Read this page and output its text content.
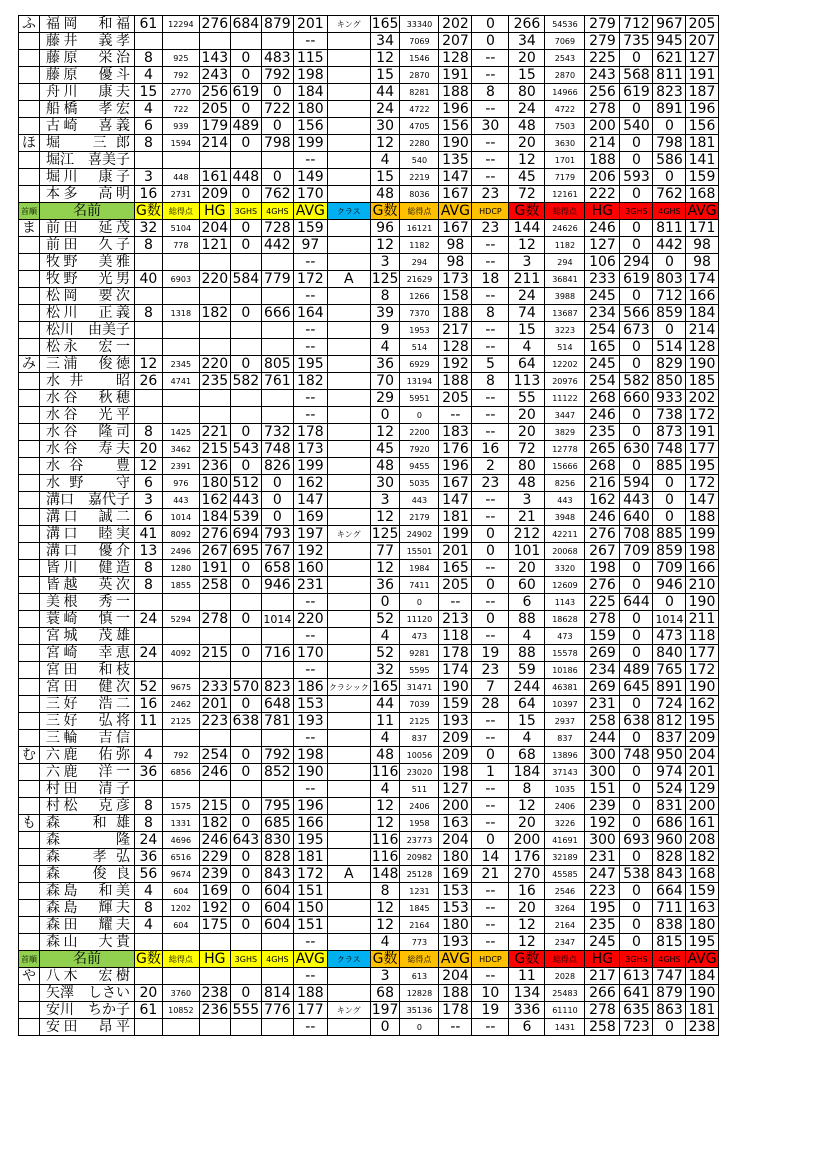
ふ	福岡　和福	61	12294	276	684	879	201	キング	165	33340	202	0	266	54536	279	712	967	205
	藤井　義孝						--		34	7069	207	0	34	7069	279	735	945	207
	藤原　栄治	8	925	143	0	483	115		12	1546	128	--	20	2543	225	0	621	127
	藤原　優斗	4	792	243	0	792	198		15	2870	191	--	15	2870	243	568	811	191
	舟川　康夫	15	2770	256	619	0	184		44	8281	188	8	80	14966	256	619	823	187
	船橋　孝宏	4	722	205	0	722	180		24	4722	196	--	24	4722	278	0	891	196
	古崎　喜義	6	939	179	489	0	156		30	4705	156	30	48	7503	200	540	0	156
ほ	堀　三郎	8	1594	214	0	798	199		12	2280	190	--	20	3630	214	0	798	181
	堀江　喜美子						--		4	540	135	--	12	1701	188	0	586	141
	堀川　康子	3	448	161	448	0	149		15	2219	147	--	45	7179	206	593	0	159
	本多　高明	16	2731	209	0	762	170		48	8036	167	23	72	12161	222	0	762	168
首順	名前	G数	総得点	HG	3GHS	4GHS	AVG	クラス	G数	総得点	AVG	HDCP	G数	総得点	HG	3GHS	4GHS	AVG
ま	前田　延茂	32	5104	204	0	728	159		96	16121	167	23	144	24626	246	0	811	171
	前田　久子	8	778	121	0	442	97		12	1182	98	--	12	1182	127	0	442	98
	牧野　美雅						--		3	294	98	--	3	294	106	294	0	98
	牧野　光男	40	6903	220	584	779	172	A	125	21629	173	18	211	36841	233	619	803	174
	松岡　要次						--		8	1266	158	--	24	3988	245	0	712	166
	松川　正義	8	1318	182	0	666	164		39	7370	188	8	74	13687	234	566	859	184
	松川　由美子						--		9	1953	217	--	15	3223	254	673	0	214
	松永　宏一						--		4	514	128	--	4	514	165	0	514	128
み	三浦　俊徳	12	2345	220	0	805	195		36	6929	192	5	64	12202	245	0	829	190
	水井　昭	26	4741	235	582	761	182		70	13194	188	8	113	20976	254	582	850	185
	水谷　秋穂						--		29	5951	205	--	55	11122	268	660	933	202
	水谷　光平						--		0	0	--	--	20	3447	246	0	738	172
	水谷　隆司	8	1425	221	0	732	178		12	2200	183	--	20	3829	235	0	873	191
	水谷　寿夫	20	3462	215	543	748	173		45	7920	176	16	72	12778	265	630	748	177
	水谷　豊	12	2391	236	0	826	199		48	9455	196	2	80	15666	268	0	885	195
	水野　守	6	976	180	512	0	162		30	5035	167	23	48	8256	216	594	0	172
	溝口　嘉代子	3	443	162	443	0	147		3	443	147	--	3	443	162	443	0	147
	溝口　誠二	6	1014	184	539	0	169		12	2179	181	--	21	3948	246	640	0	188
	溝口　睦実	41	8092	276	694	793	197	キング	125	24902	199	0	212	42211	276	708	885	199
	溝口　優介	13	2496	267	695	767	192		77	15501	201	0	101	20068	267	709	859	198
	皆川　健造	8	1280	191	0	658	160		12	1984	165	--	20	3320	198	0	709	166
	皆越　英次	8	1855	258	0	946	231		36	7411	205	0	60	12609	276	0	946	210
	美根　秀一						--		0	0	--	--	6	1143	225	644	0	190
	蓑崎　慎一	24	5294	278	0	1014	220		52	11120	213	0	88	18628	278	0	1014	211
	宮城　茂雄						--		4	473	118	--	4	473	159	0	473	118
	宮崎　幸恵	24	4092	215	0	716	170		52	9281	178	19	88	15578	269	0	840	177
	宮田　和枝						--		32	5595	174	23	59	10186	234	489	765	172
	宮田　健次	52	9675	233	570	823	186	クラシック	165	31471	190	7	244	46381	269	645	891	190
	三好　浩二	16	2462	201	0	648	153		44	7039	159	28	64	10397	231	0	724	162
	三好　弘将	11	2125	223	638	781	193		11	2125	193	--	15	2937	258	638	812	195
	三輪　吉信						--		4	837	209	--	4	837	244	0	837	209
む	六鹿　佑弥	4	792	254	0	792	198		48	10056	209	0	68	13896	300	748	950	204
	六鹿　洋一	36	6856	246	0	852	190		116	23020	198	1	184	37143	300	0	974	201
	村田　清子						--		4	511	127	--	8	1035	151	0	524	129
	村松　克彦	8	1575	215	0	795	196		12	2406	200	--	12	2406	239	0	831	200
も	森　和雄	8	1331	182	0	685	166		12	1958	163	--	20	3226	192	0	686	161
	森　隆	24	4696	246	643	830	195		116	23773	204	0	200	41691	300	693	960	208
	森　孝弘	36	6516	229	0	828	181		116	20982	180	14	176	32189	231	0	828	182
	森　俊良	56	9674	239	0	843	172	A	148	25128	169	21	270	45585	247	538	843	168
	森島　和美	4	604	169	0	604	151		8	1231	153	--	16	2546	223	0	664	159
	森島　輝夫	8	1202	192	0	604	150		12	1845	153	--	20	3264	195	0	711	163
	森田　耀夫	4	604	175	0	604	151		12	2164	180	--	12	2164	235	0	838	180
	森山　大貴						--		4	773	193	--	12	2347	245	0	815	195
首順	名前	G数	総得点	HG	3GHS	4GHS	AVG	クラス	G数	総得点	AVG	HDCP	G数	総得点	HG	3GHS	4GHS	AVG
や	八木　宏樹						--		3	613	204	--	11	2028	217	613	747	184
	矢澤　しさい	20	3760	238	0	814	188		68	12828	188	10	134	25483	266	641	879	190
	安川　ちか子	61	10852	236	555	776	177	キング	197	35136	178	19	336	61110	278	635	863	181
	安田　昂平						--		0	0	--	--	6	1431	258	723	0	238
